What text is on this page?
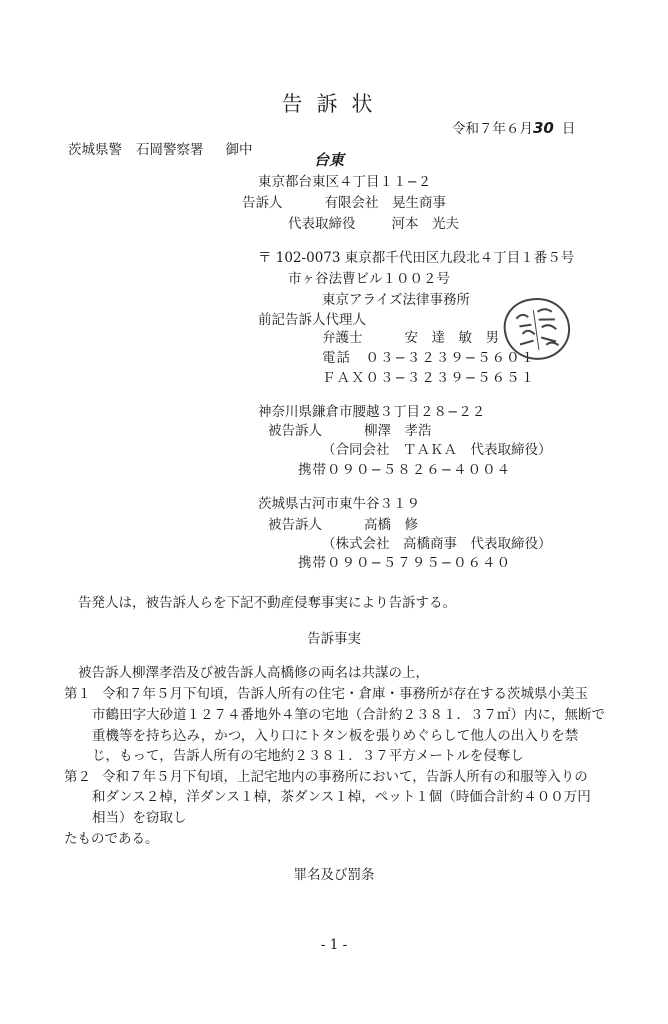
告訴状
令和７年６月30 日
茨城県警 石岡警察署 御中
台東
東京都台東区４丁目１１−２
告訴人	有限会社　晃生商事
代表取締役	河本　光夫
〒 102-0073 東京都千代田区九段北４丁目１番５号
市ヶ谷法曹ビル１００２号
東京アライズ法律事務所
前記告訴人代理人
弁護士	安　達　敏　男
電話　０３−３２３９−５６０１
ＦＡＸ０３−３２３９−５６５１
神奈川県鎌倉市腰越３丁目２８−２２
被告訴人	柳澤　孝浩
（合同会社　ＴＡＫＡ　代表取締役）
携帯０９０−５８２６−４００４
茨城県古河市東牛谷３１９
被告訴人	高橋　修
（株式会社　高橋商事　代表取締役）
携帯０９０−５７９５−０６４０
告発人は，被告訴人らを下記不動産侵奪事実により告訴する。
告訴事実
被告訴人柳澤孝浩及び被告訴人高橋修の両名は共謀の上，
第１ 令和７年５月下旬頃，告訴人所有の住宅・倉庫・事務所が存在する茨城県小美玉
市鶴田字大砂道１２７４番地外４筆の宅地（合計約２３８１．３７㎡）内に，無断で
重機等を持ち込み，かつ，入り口にトタン板を張りめぐらして他人の出入りを禁
じ，もって，告訴人所有の宅地約２３８１．３７平方メートルを侵奪し
第２ 令和７年５月下旬頃，上記宅地内の事務所において，告訴人所有の和服等入りの
和ダンス２棹，洋ダンス１棹，茶ダンス１棹，ペット１個（時価合計約４００万円
相当）を窃取し
たものである。
罪名及び罰条
- 1 -
